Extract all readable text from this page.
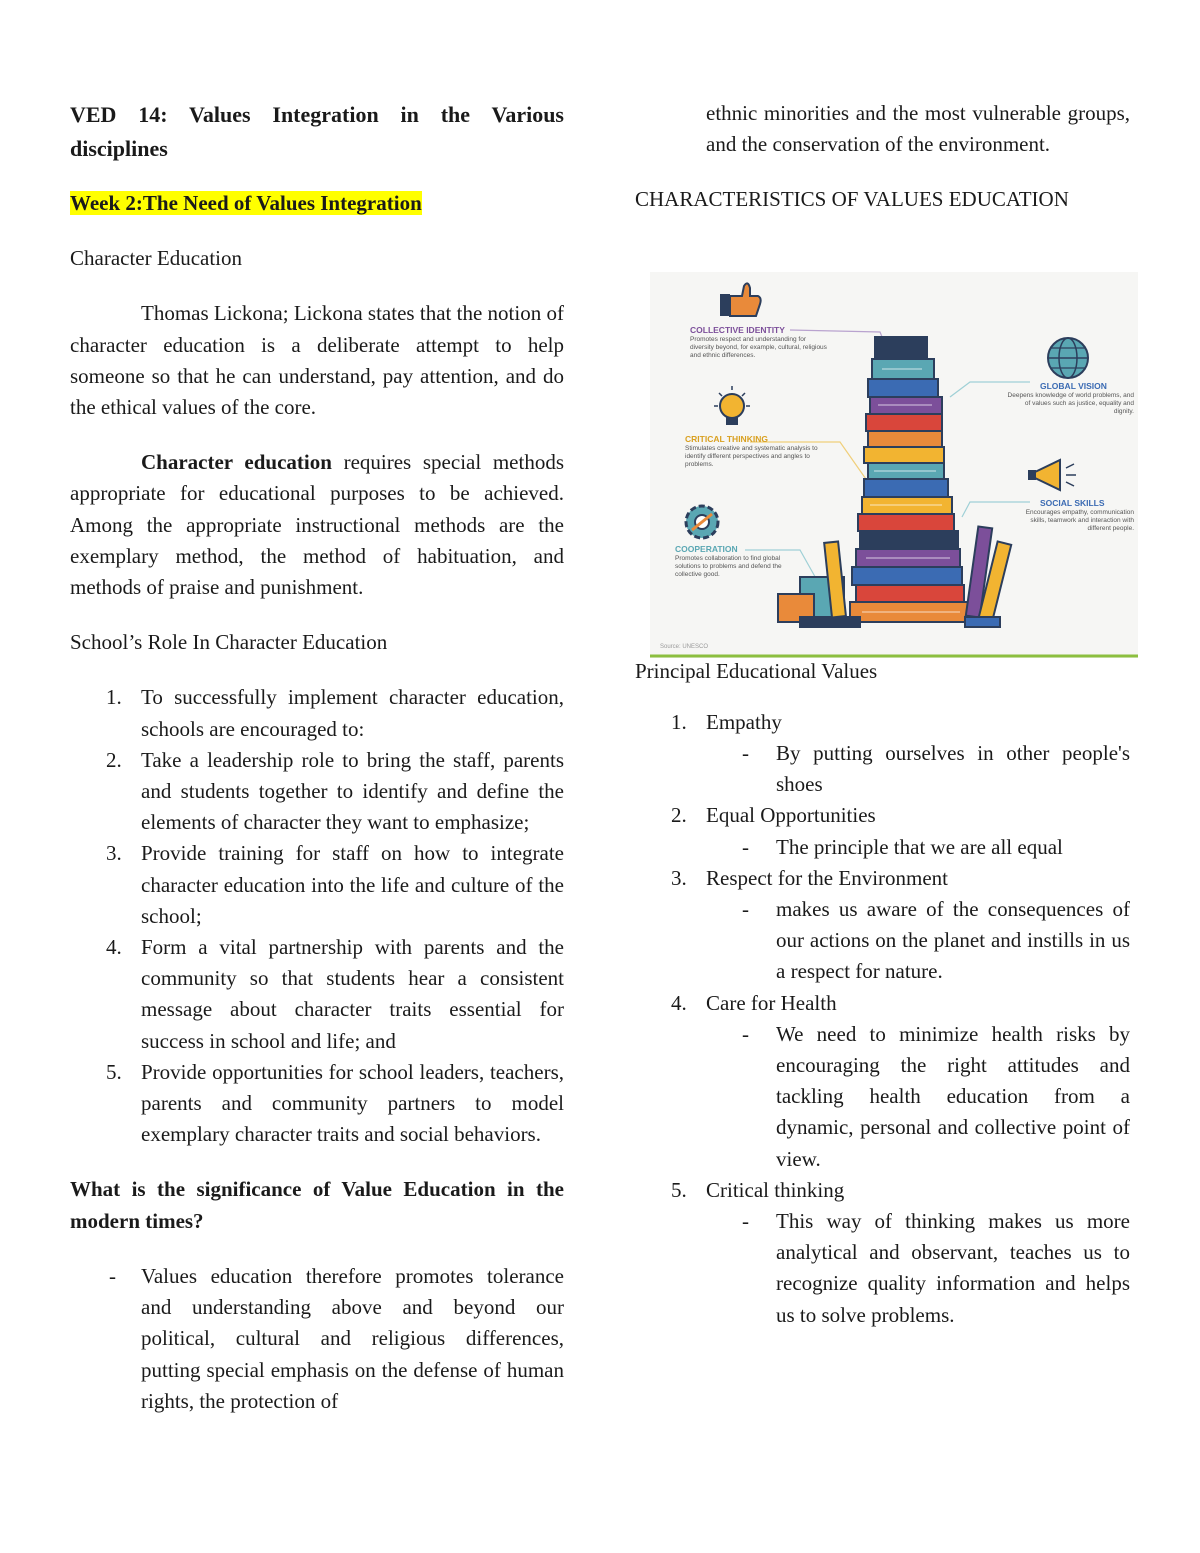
VED 14: Values Integration in the Various disciplines

Week 2:The Need of Values Integration

Character Education

Thomas Lickona; Lickona states that the notion of character education is a deliberate attempt to help someone so that he can understand, pay attention, and do the ethical values of the core.

Character education requires special methods appropriate for educational purposes to be achieved. Among the appropriate instructional methods are the exemplary method, the method of habituation, and methods of praise and punishment.

School’s Role In Character Education

1. To successfully implement character education, schools are encouraged to:
2. Take a leadership role to bring the staff, parents and students together to identify and define the elements of character they want to emphasize;
3. Provide training for staff on how to integrate character education into the life and culture of the school;
4. Form a vital partnership with parents and the community so that students hear a consistent message about character traits essential for success in school and life; and
5. Provide opportunities for school leaders, teachers, parents and community partners to model exemplary character traits and social behaviors.

What is the significance of Value Education in the modern times?

- Values education therefore promotes tolerance and understanding above and beyond our political, cultural and religious differences, putting special emphasis on the defense of human rights, the protection of

ethnic minorities and the most vulnerable groups, and the conservation of the environment.

CHARACTERISTICS OF VALUES EDUCATION

Principal Educational Values

1. Empathy
- By putting ourselves in other people's shoes
2. Equal Opportunities
- The principle that we are all equal
3. Respect for the Environment
- makes us aware of the consequences of our actions on the planet and instills in us a respect for nature.
4. Care for Health
- We need to minimize health risks by encouraging the right attitudes and tackling health education from a dynamic, personal and collective point of view.
5. Critical thinking
- This way of thinking makes us more analytical and observant, teaches us to recognize quality information and helps us to solve problems.
COLLECTIVE IDENTITY
Promotes respect and understanding for diversity beyond, for example, cultural, religious and ethnic differences.
GLOBAL VISION
Deepens knowledge of world problems, and of values such as justice, equality and dignity.
CRITICAL THINKING
Stimulates creative and systematic analysis to identify different perspectives and angles to problems.
SOCIAL SKILLS
Encourages empathy, communication skills, teamwork and interaction with different people.
COOPERATION
Promotes collaboration to find global solutions to problems and defend the collective good.
Source: UNESCO
